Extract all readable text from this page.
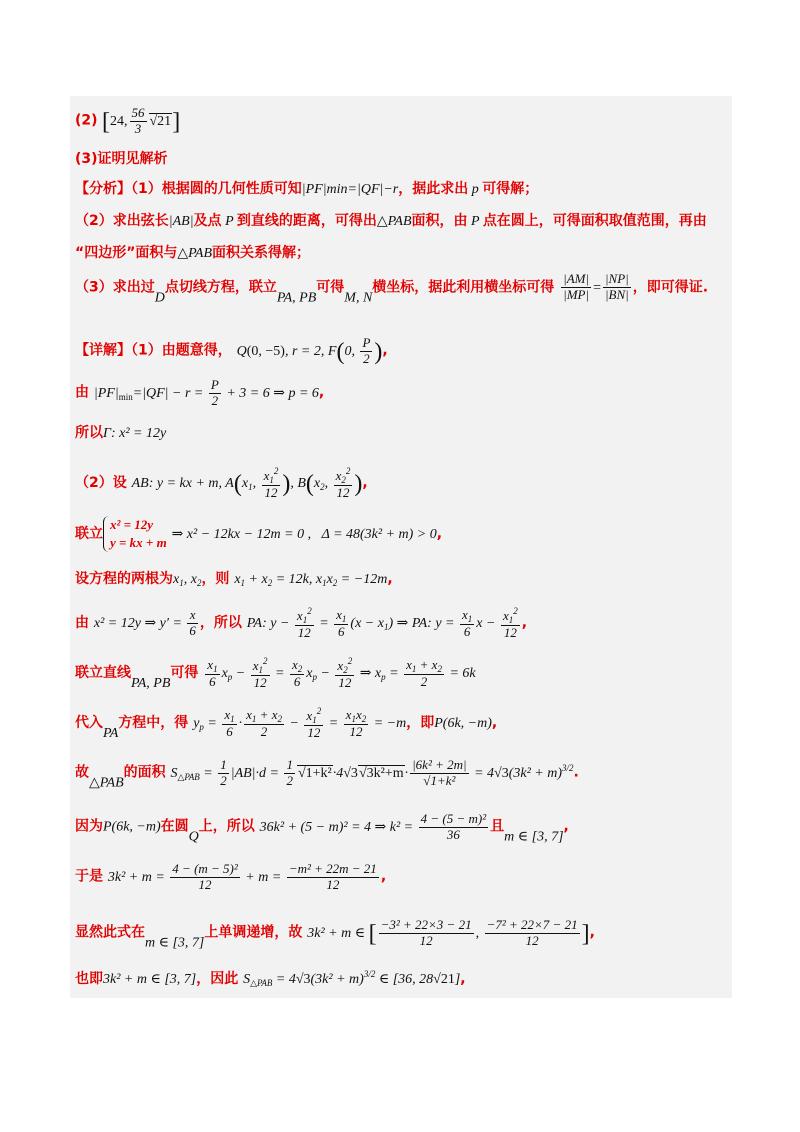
(2) [24, $\frac{56}{3} √21$]
(3)证明见解析
【分析】（1）根据圆的几何性质可知|PF|min=|QF|−r，据此求出 p 可得解；
（2）求出弦长|AB|及点 P 到直线的距离，可得出△PAB面积，由 P 点在圆上，可得面积取值范围，再由
“四边形”面积与△PAB面积关系得解；
（3）求出过D点切线方程，联立PA, PB可得M, N横坐标，据此利用横坐标可得 $\frac{|AM|}{|MP|} = \frac{|NP|}{|BN|}$ ，即可得证.
【详解】（1）由题意得， Q(0, −5), r = 2, F(0, $\frac{P}{2}$ ),
由 $|PF|_{min}=|QF| - r = \frac{P}{2} + 3 = 6$ ⇒ p = 6,
所以Γ: x² = 12y
（2）设 AB: y = kx + m, $A(x_1$, $\frac{x_1^2}{12}$ ), $B(x_2$, $\frac{x_2^2}{12}$ ),
联立
x² = 12y
y = kx + m
⇒ x² − 12kx − 12m = 0 ,   Δ = 48(3k² + m) > 0,
设方程的两根为$x_1$, $x_2$，则 $x_1 + x_2 = 12k$, $x_1x_2 = -12m$,
由 x² = 12y ⇒ $y' = \frac{x}{6}$ ，所以 PA: $y - \frac{x_1^2}{12} = \frac{x_1}{6} (x - x_1)$ ⇒ PA: $y = \frac{x_1}{6}$ $x - \frac{x_1^2}{12}$ ,
联立直线PA, PB可得 $\frac{x_1}{6} x_p - \frac{x_1^2}{12} = \frac{x_2}{6} x_p - \frac{x_2^2}{12}$ ⇒ $x_p = \frac{x_1 + x_2}{2} = 6k$
代入PA方程中，得 $y_p = \frac{x_1}{6} \cdot \frac{x_1 + x_2}{2} - \frac{x_1^2}{12} = \frac{x_1x_2}{12} = -m$，即P(6k, −m),
故△PAB的面积 $S_{\triangle PAB} = \frac{1}{2} |AB|\cdot d = \frac{1}{2} √1+k^2\cdot 4√3√3k^2+m\cdot \frac{\text{|6k² + 2m|}}{\text{√1+k²}} = 4√3(3k^2 + m)^{3/2}$.
因为P(6k, −m)在圆Q上，所以 36k² + (5 − m)² = 4 ⇒ $k^2 = \frac{\text{4 − (5 − m)²}}{36}$ 且m ∈ [3, 7],
于是 $3k^2 + m = \frac{\text{4 − (m − 5)²}}{12} + m = \frac{\text{−m² + 22m − 21}}{12}$ ,
显然此式在m ∈ [3, 7]上单调递增，故 3k² + m ∈ [ $\frac{\text{−3² + 22×3 − 21}}{12}$ , $\frac{\text{−7² + 22×7 − 21}}{12}$ ],
也即3k² + m ∈ [3, 7]，因此 $S_{\triangle PAB} = 4√3(3k^2 + m)^{3/2}$ ∈ [36, 28√21],
